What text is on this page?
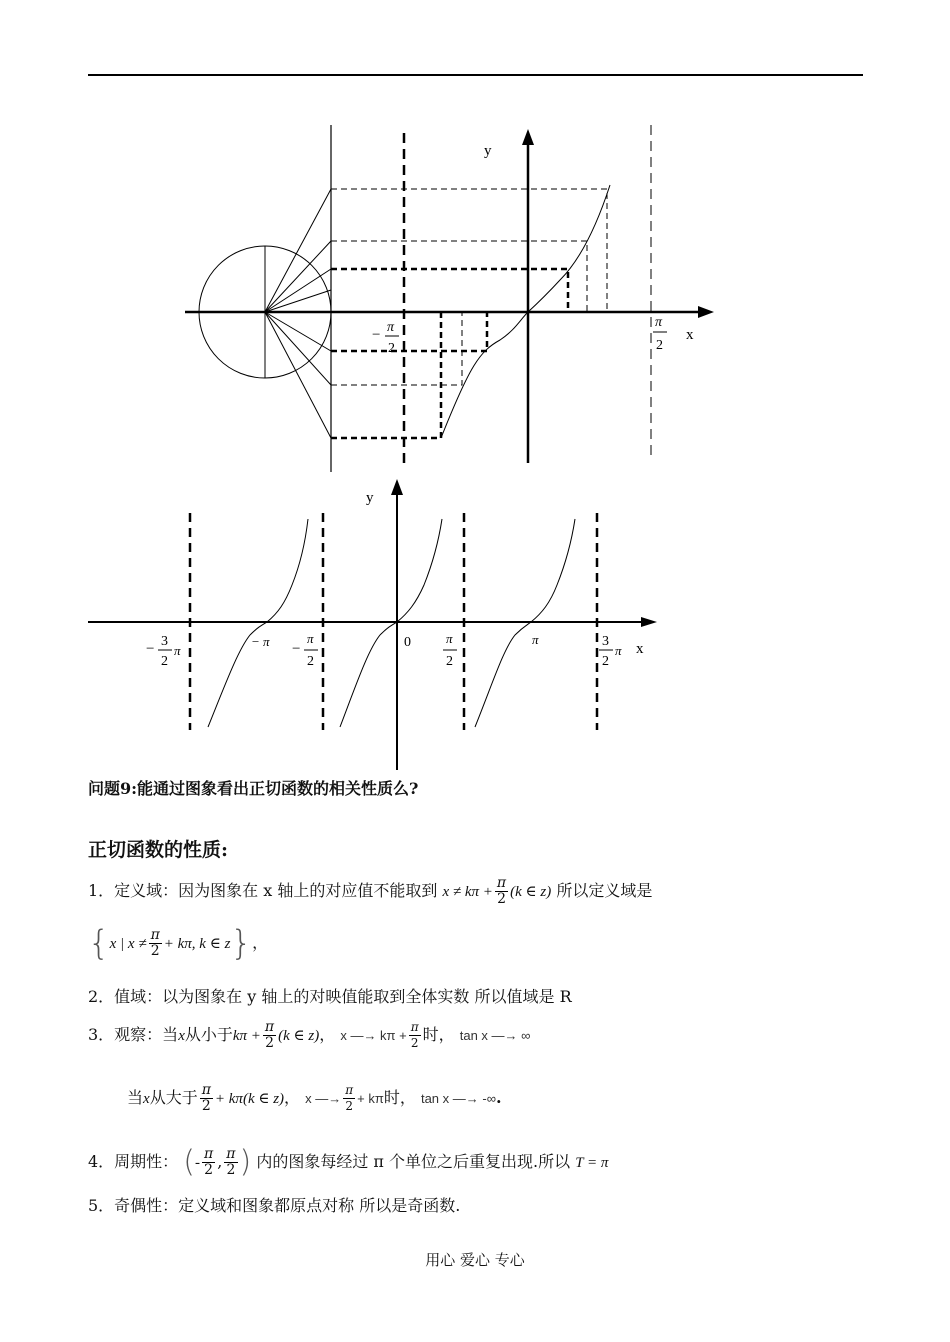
y
x
− π
2
π
2
y
x
0
− 3
2
π
− π −
π
2
π
2
π	3
2
π
问题9:能通过图象看出正切函数的相关性质么?
正切函数的性质:
1．定义域：因为图象在 x 轴上的对应值不能取到 $x \ne k\pi + \frac{\pi}{2} (k$ ∈ z) 所以定义域是
{x | $x \ne \frac{\pi}{2} + k\pi$, k ∈ z}，
2．值域：以为图象在 y 轴上的对映值能取到全体实数 所以值域是 R
3．观察：当x从小于$k\pi + \frac{\pi}{2} (k$ ∈ z)， x —→ $k\pi + \frac{\pi}{2}$ 时， tan x —→ ∞
当x从大于 $\frac{\pi}{2} + k\pi(k$ ∈ z)， x —→ $\frac{\pi}{2} + k\pi$时， tan x —→ -∞.
4．周期性： (- $\frac{\pi}{2}$ , $\frac{\pi}{2}$ ) 内的图象每经过 π 个单位之后重复出现.所以 T = π
5．奇偶性：定义域和图象都原点对称 所以是奇函数.
用心 爱心 专心
